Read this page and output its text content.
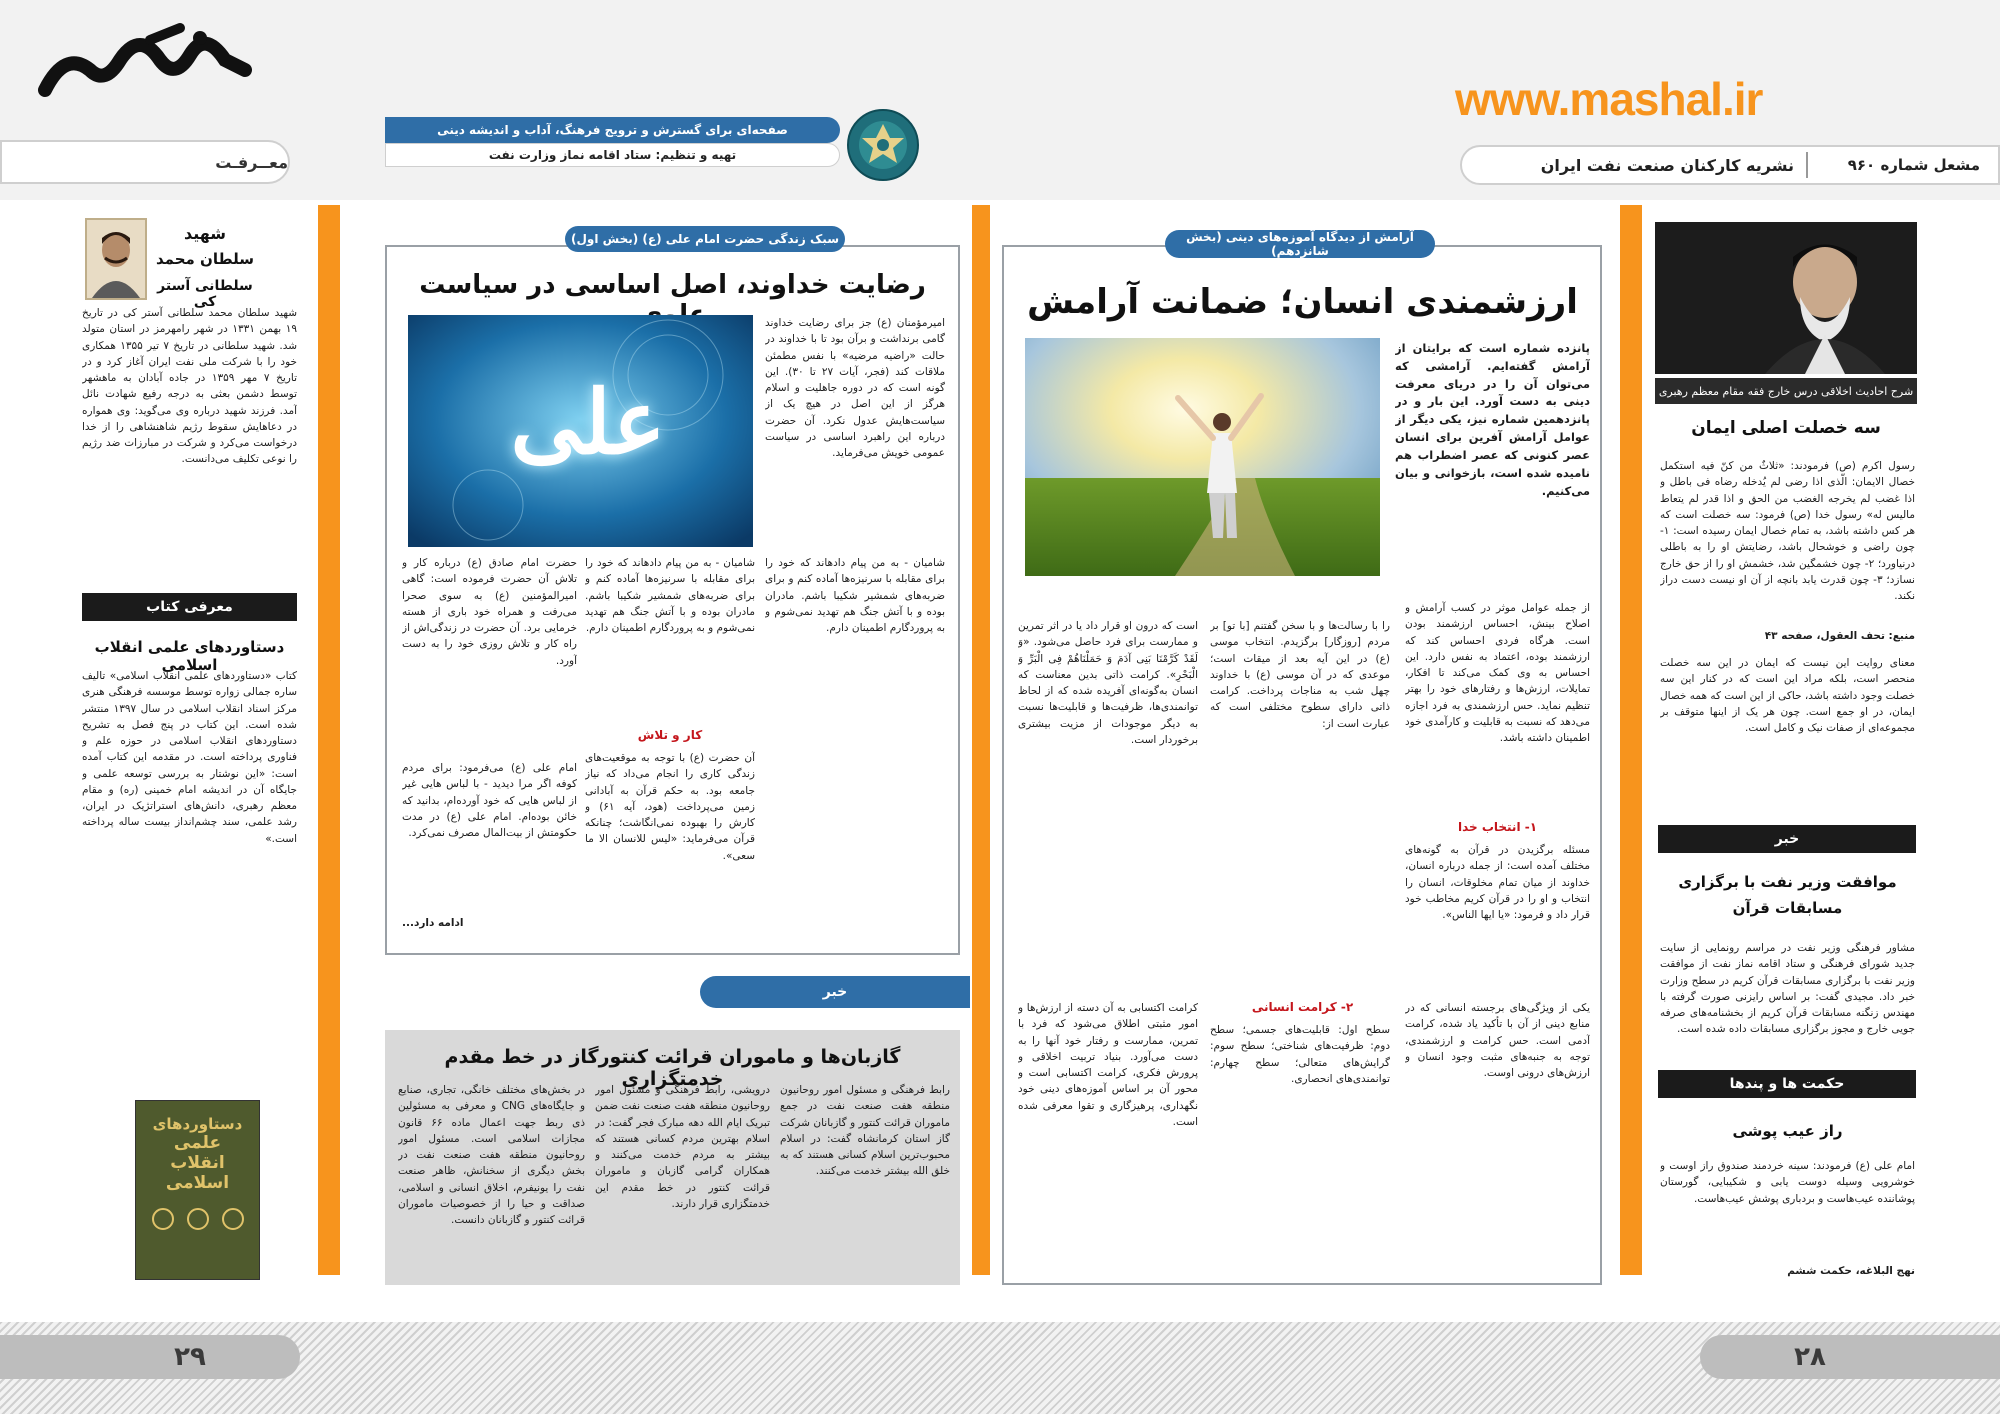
معــرفـت
صفحه‌ای برای گسترش و ترویج فرهنگ، آداب و اندیشه دینی
تهیه و تنظیم: ستاد اقامه نماز وزارت نفت
www.mashal.ir
مشعل شماره ۹۶۰
نشریه کارکنان صنعت نفت ایران
شرح احادیث اخلاقی درس خارج فقه مقام معظم رهبری
سه خصلت اصلی ایمان
رسول اکرم (ص) فرمودند: «ثلاثٌ من کنّ فیه استکمل خصال الایمان: الّذی اذا رضی لم یُدخله رضاه فی باطل و اذا غضب لم یخرجه الغضب من الحق و اذا قدر لم یتعاط مالیس له» رسول خدا (ص) فرمود: سه خصلت است که هر کس داشته باشد، به تمام خصال ایمان رسیده است: ۱- چون راضی و خوشحال باشد، رضایتش او را به باطلی درنیاورد؛ ۲- چون خشمگین شد، خشمش او را از حق خارج نسازد؛ ۳- چون قدرت یابد بانچه از آن او نیست دست دراز نکند.
منبع: تحف العقول، صفحه ۴۳
معنای روایت این نیست که ایمان در این سه خصلت منحصر است، بلکه مراد این است که در کنار این سه خصلت وجود داشته باشد، حاکی از این است که همه خصال ایمان، در او جمع است. چون هر یک از اینها متوقف بر مجموعه‌ای از صفات نیک و کامل است.
خبر
موافقت وزیر نفت با برگزاری مسابقات قرآن
مشاور فرهنگی وزیر نفت در مراسم رونمایی از سایت جدید شورای فرهنگی و ستاد اقامه نماز نفت از موافقت وزیر نفت با برگزاری مسابقات قرآن کریم در سطح وزارت خبر داد. مجیدی گفت: بر اساس رایزنی صورت گرفته با مهندس زنگنه مسابقات قرآن کریم از بخشنامه‌های صرفه جویی خارج و مجوز برگزاری مسابقات داده شده است.
حکمت ها و پندها
راز عیب پوشی
امام علی (ع) فرمودند: سینه خردمند صندوق راز اوست و خوشرویی وسیله دوست یابی و شکیبایی، گورستان پوشاننده عیب‌هاست و بردباری پوشش عیب‌هاست.
نهج البلاغه، حکمت ششم
آرامش از دیدگاه آموزه‌های دینی (بخش شانزدهم)
ارزشمندی انسان؛ ضمانت آرامش
پانزده شماره است که برایتان از آرامش گفته‌ایم. آرامشی که می‌توان آن را در دریای معرفت دینی به دست آورد. این بار و در پانزدهمین شماره نیز، یکی دیگر از عوامل آرامش آفرین برای انسان عصر کنونی که عصر اضطراب هم نامیده شده است، بازخوانی و بیان می‌کنیم.
از جمله عوامل موثر در کسب آرامش و اصلاح بینش، احساس ارزشمند بودن است. هرگاه فردی احساس کند که ارزشمند بوده، اعتماد به نفس دارد. این احساس به وی کمک می‌کند تا افکار، تمایلات، ارزش‌ها و رفتارهای خود را بهتر تنظیم نماید. حس ارزشمندی به فرد اجازه می‌دهد که نسبت به قابلیت و کارآمدی خود اطمینان داشته باشد.
۱- انتخاب خدا
مسئله برگزیدن در قرآن به گونه‌های مختلف آمده است: از جمله درباره انسان، خداوند از میان تمام مخلوقات، انسان را انتخاب و او را در قرآن کریم مخاطب خود قرار داد و فرمود: «یا ایها الناس».
۲- کرامت انسانی	یکی از ویژگی‌های برجسته انسانی که در منابع دینی از آن با تأکید یاد شده، کرامت آدمی است. حس کرامت و ارزشمندی، توجه به جنبه‌های مثبت وجود انسان و ارزش‌های درونی اوست.
را با رسالت‌ها و با سخن گفتنم [با تو] بر مردم [روزگار] برگزیدم. انتخاب موسی (ع) در این آیه بعد از میقات است؛ موعدی که در آن موسی (ع) با خداوند چهل شب به مناجات پرداخت. کرامت ذاتی دارای سطوح مختلفی است که عبارت است از:
سطح اول: قابلیت‌های جسمی؛ سطح دوم: ظرفیت‌های شناختی؛ سطح سوم: گرایش‌های متعالی؛ سطح چهارم: توانمندی‌های انحصاری.
است که درون او قرار داد یا در اثر تمرین و ممارست برای فرد حاصل می‌شود. «وَ لَقَدْ کَرَّمْنَا بَنِی آدَمَ وَ حَمَلْنَاهُمْ فِی الْبَرِّ وَ الْبَحْرِ». کرامت ذاتی بدین معناست که انسان به‌گونه‌ای آفریده شده که از لحاظ توانمندی‌ها، ظرفیت‌ها و قابلیت‌ها نسبت به دیگر موجودات از مزیت بیشتری برخوردار است.
کرامت اکتسابی به آن دسته از ارزش‌ها و امور مثبتی اطلاق می‌شود که فرد با تمرین، ممارست و رفتار خود آنها را به دست می‌آورد. بنیاد تربیت اخلاقی و پرورش فکری، کرامت اکتسابی است و محور آن بر اساس آموزه‌های دینی خود نگهداری، پرهیزگاری و تقوا معرفی شده است.
سبک زندگی حضرت امام علی (ع) (بخش اول)
رضایت خداوند، اصل اساسی در سیاست
علی
امیرمؤمنان (ع) جز برای رضایت خداوند گامی برنداشت و برآن بود تا با خداوند در حالت «راضیه مرضیه» با نفس مطمئن ملاقات کند (فجر، آیات ۲۷ تا ۳۰). این گونه است که در دوره جاهلیت و اسلام هرگز از این اصل در هیچ یک از سیاست‌هایش عدول نکرد. آن حضرت درباره این راهبرد اساسی در سیاست عمومی خویش می‌فرماید.
شامیان - به من پیام دادهاند که خود را برای مقابله با سرنیزه‌ها آماده کنم و برای ضربه‌های شمشیر شکیبا باشم. مادران بوده و با آتش جنگ هم تهدید نمی‌شوم و به پروردگارم اطمینان دارم.
شامیان - به من پیام دادهاند که خود را برای مقابله با سرنیزه‌ها آماده کنم و برای ضربه‌های شمشیر شکیبا باشم. مادران بوده و با آتش جنگ هم تهدید نمی‌شوم و به پروردگارم اطمینان دارم.
کار و تلاش
آن حضرت (ع) با توجه به موقعیت‌های زندگی کاری را انجام می‌داد که نیاز جامعه بود. به حکم قرآن به آبادانی زمین می‌پرداخت (هود، آیه ۶۱) و کارش را بهبوده نمی‌انگاشت؛ چنانکه قرآن می‌فرماید: «لیس للانسان الا ما سعی».
حضرت امام صادق (ع) درباره کار و تلاش آن حضرت فرموده است: گاهی امیرالمؤمنین (ع) به سوی صحرا می‌رفت و همراه خود باری از هسته خرمایی برد. آن حضرت در زندگی‌اش از راه کار و تلاش روزی خود را به دست آورد.
امام علی (ع) می‌فرمود: برای مردم کوفه اگر مرا دیدید - با لباس هایی غیر از لباس هایی که خود آورده‌ام، بدانید که خائن بوده‌ام. امام علی (ع) در مدت حکومتش از بیت‌المال مصرف نمی‌کرد.
ادامه دارد...
خبر
گازبان‌ها و ماموران قرائت کنتورگاز در خط مقدم خدمتگزاری	رابط فرهنگی و مسئول امور روحانیون منطقه هفت صنعت نفت در جمع ماموران قرائت کنتور و گازبانان شرکت گاز استان کرمانشاه گفت: در اسلام محبوب‌ترین اسلام کسانی هستند که به خلق الله بیشتر خدمت می‌کنند.
درویشی، رابط فرهنگی و مسئول امور روحانیون منطقه هفت صنعت نفت ضمن تبریک ایام الله دهه مبارک فجر گفت: در اسلام بهترین مردم کسانی هستند که بیشتر به مردم خدمت می‌کنند و همکاران گرامی گازبان و ماموران قرائت کنتور در خط مقدم این خدمتگزاری قرار دارند.
در بخش‌های مختلف خانگی، تجاری، صنایع و جایگاه‌های CNG و معرفی به مسئولین ذی ربط جهت اعمال ماده ۶۶ قانون مجازات اسلامی است. مسئول امور روحانیون منطقه هفت صنعت نفت در بخش دیگری از سخنانش، ظاهر صنعت نفت را یونیفرم، اخلاق انسانی و اسلامی، صداقت و حیا را از خصوصیات ماموران قرائت کنتور و گازبانان دانست.
شهید
سلطان محمد
سلطانی آستر کی
شهید سلطان محمد سلطانی آستر کی در تاریخ ۱۹ بهمن ۱۳۳۱ در شهر رامهرمز در استان متولد شد. شهید سلطانی در تاریخ ۷ تیر ۱۳۵۵ همکاری خود را با شرکت ملی نفت ایران آغاز کرد و در تاریخ ۷ مهر ۱۳۵۹ در جاده آبادان به ماهشهر توسط دشمن بعثی به درجه رفیع شهادت نائل آمد. فرزند شهید درباره وی می‌گوید: وی همواره در دعاهایش سقوط رژیم شاهنشاهی را از خدا درخواست می‌کرد و شرکت در مبارزات ضد رژیم را نوعی تکلیف می‌دانست.
معرفی کتاب
دستاوردهای علمی انقلاب اسلامی
کتاب «دستاوردهای علمی انقلاب اسلامی» تالیف ساره جمالی زواره توسط موسسه فرهنگی هنری مرکز اسناد انقلاب اسلامی در سال ۱۳۹۷ منتشر شده است. این کتاب در پنج فصل به تشریح دستاوردهای انقلاب اسلامی در حوزه علم و فناوری پرداخته است. در مقدمه این کتاب آمده است: «این نوشتار به بررسی توسعه علمی و جایگاه آن در اندیشه امام خمینی (ره) و مقام معظم رهبری، دانش‌های استراتژیک در ایران، رشد علمی، سند چشم‌انداز بیست ساله پرداخته است.»
دستاوردهای
علمی
انقلاب
اسلامی
۲۹	۲۸
